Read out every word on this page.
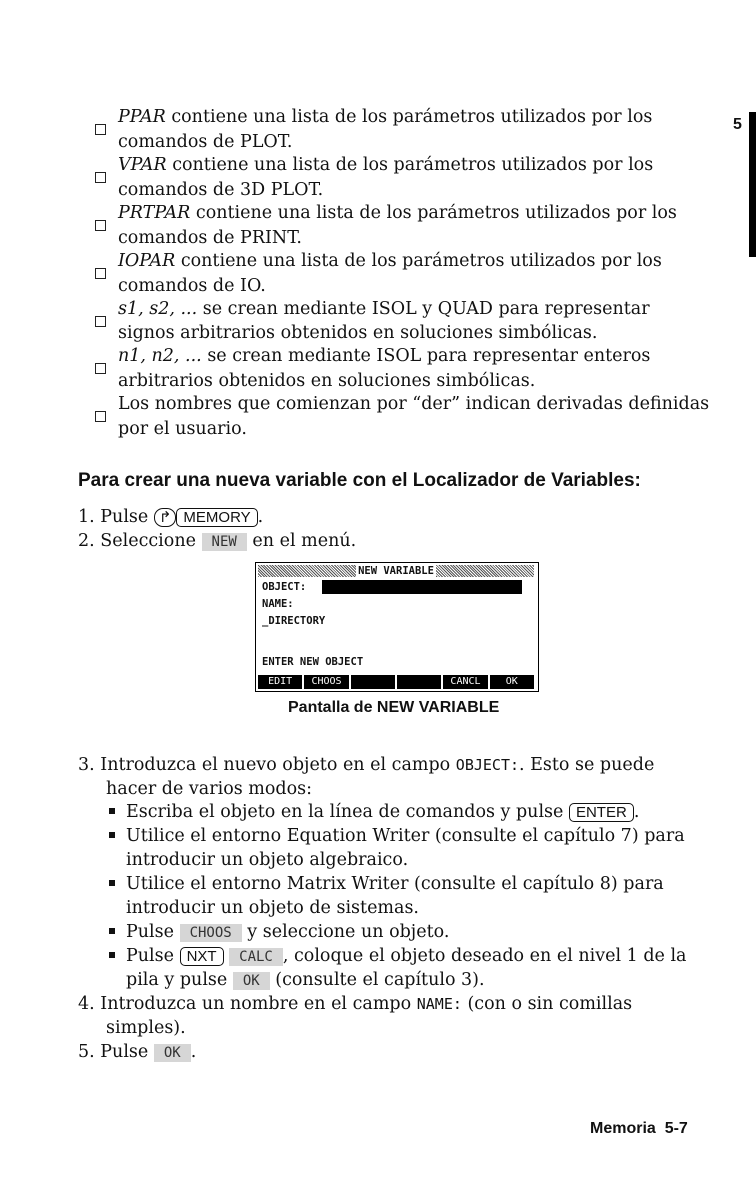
5
PPAR contiene una lista de los parámetros utilizados por los
comandos de PLOT.
VPAR contiene una lista de los parámetros utilizados por los
comandos de 3D PLOT.
PRTPAR contiene una lista de los parámetros utilizados por los
comandos de PRINT.
IOPAR contiene una lista de los parámetros utilizados por los
comandos de IO.
s1, s2, ... se crean mediante ISOL y QUAD para representar
signos arbitrarios obtenidos en soluciones simbólicas.
n1, n2, ... se crean mediante ISOL para representar enteros
arbitrarios obtenidos en soluciones simbólicas.
Los nombres que comienzan por “der” indican derivadas definidas
por el usuario.
Para crear una nueva variable con el Localizador de Variables:
1. Pulse ↱ MEMORY .
2. Seleccione NEW en el menú.
NEW VARIABLE
OBJECT:
NAME:
_DIRECTORY
ENTER NEW OBJECT
EDIT	CHOOS	CANCL	OK
Pantalla de NEW VARIABLE
3. Introduzca el nuevo objeto en el campo OBJECT:. Esto se puede
hacer de varios modos:
Escriba el objeto en la línea de comandos y pulse ENTER .
Utilice el entorno Equation Writer (consulte el capítulo 7) para
introducir un objeto algebraico.
Utilice el entorno Matrix Writer (consulte el capítulo 8) para
introducir un objeto de sistemas.
Pulse CHOOS y seleccione un objeto.
Pulse NXT CALC , coloque el objeto deseado en el nivel 1 de la
pila y pulse OK (consulte el capítulo 3).
4. Introduzca un nombre en el campo NAME: (con o sin comillas
simples).
5. Pulse OK .
Memoria 5-7
